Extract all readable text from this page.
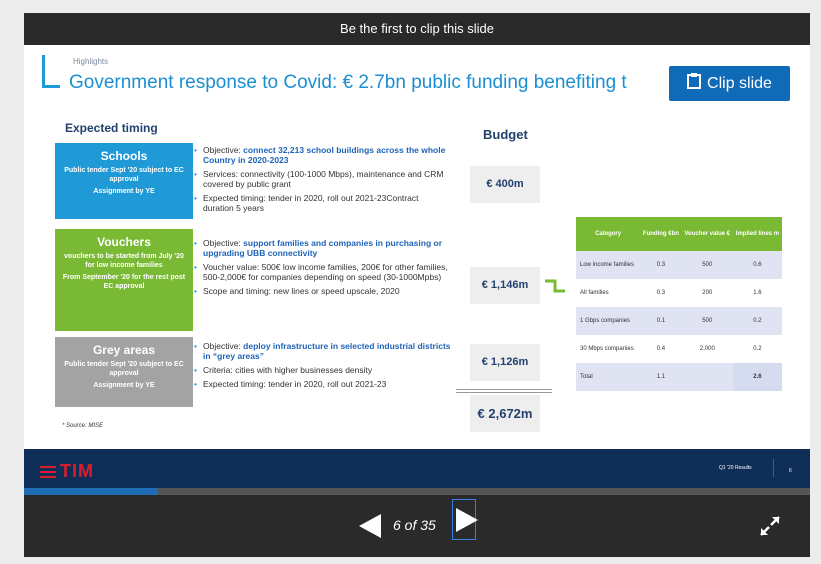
Be the first to clip this slide
Highlights
Government response to Covid: € 2.7bn public funding benefiting t	Clip slide
Expected timing
Schools
Public tender Sept '20 subject to EC approval
Assignment by YE
Vouchers
vouchers to be started from July '20 for low income families
From September '20 for the rest post EC approval
Grey areas
Public tender Sept '20 subject to EC approval
Assignment by YE
• Objective: connect 32,213 school buildings across the whole Country in 2020-2023
• Services: connectivity (100-1000 Mbps), maintenance and CRM covered by public grant
• Expected timing: tender in 2020, roll out 2021-23Contract duration 5 years
• Objective: support families and companies in purchasing or upgrading UBB connectivity
• Voucher value: 500€ low income families, 200€ for other families, 500-2,000€ for companies depending on speed (30-1000Mpbs)
• Scope and timing: new lines or speed upscale, 2020
• Objective: deploy infrastructure in selected industrial districts in “grey areas”
• Criteria: cities with higher businesses density
• Expected timing: tender in 2020, roll out 2021-23
Budget
€ 400m
€ 1,146m
€ 1,126m
€ 2,672m
Category	Funding €bn	Voucher value €	Implied lines m
Low income families	0.3	500	0.6
All families	0.3	200	1.6
1 Gbps companies	0.1	500	0.2
30 Mbps companies	0.4	2,000	0.2
Total	1.1		2.6
* Source: MISE
TIM	Q1 '20 Results	6
6 of 35
